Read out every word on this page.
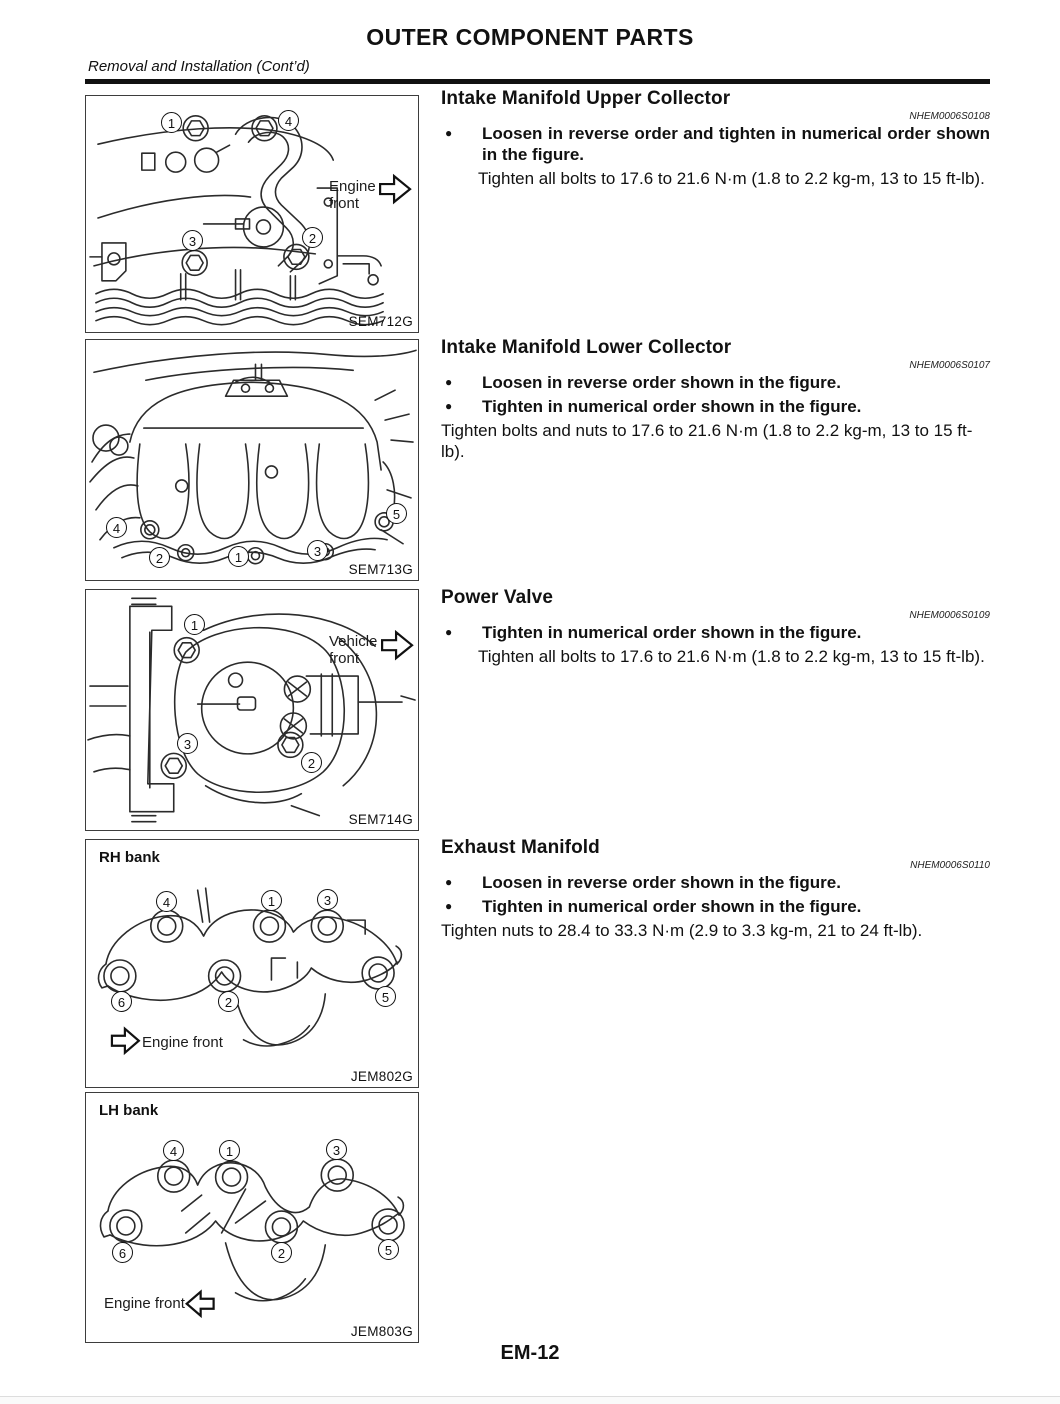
OUTER COMPONENT PARTS
Removal and Installation (Cont’d)
1	4
3	2
Engine front
SEM712G
4
2	1	3
5
SEM713G
1
3
2
Vehicle front
SEM714G
RH bank
4	1	3
6	2	5
Engine front
JEM802G
LH bank
4	1	3
6	2	5
Engine front
JEM803G
Intake Manifold Upper Collector
NHEM0006S0108
●	Loosen in reverse order and tighten in numerical order shown in the figure.

Tighten all bolts to 17.6 to 21.6 N·m (1.8 to 2.2 kg-m, 13 to 15 ft-lb).

Intake Manifold Lower Collector
NHEM0006S0107
●	Loosen in reverse order shown in the figure.

●	Tighten in numerical order shown in the figure.

Tighten bolts and nuts to 17.6 to 21.6 N·m (1.8 to 2.2 kg-m, 13 to 15 ft-lb).

Power Valve
NHEM0006S0109
●	Tighten in numerical order shown in the figure.

Tighten all bolts to 17.6 to 21.6 N·m (1.8 to 2.2 kg-m, 13 to 15 ft-lb).

Exhaust Manifold
NHEM0006S0110
●	Loosen in reverse order shown in the figure.

●	Tighten in numerical order shown in the figure.

Tighten nuts to 28.4 to 33.3 N·m (2.9 to 3.3 kg-m, 21 to 24 ft-lb).

EM-12
